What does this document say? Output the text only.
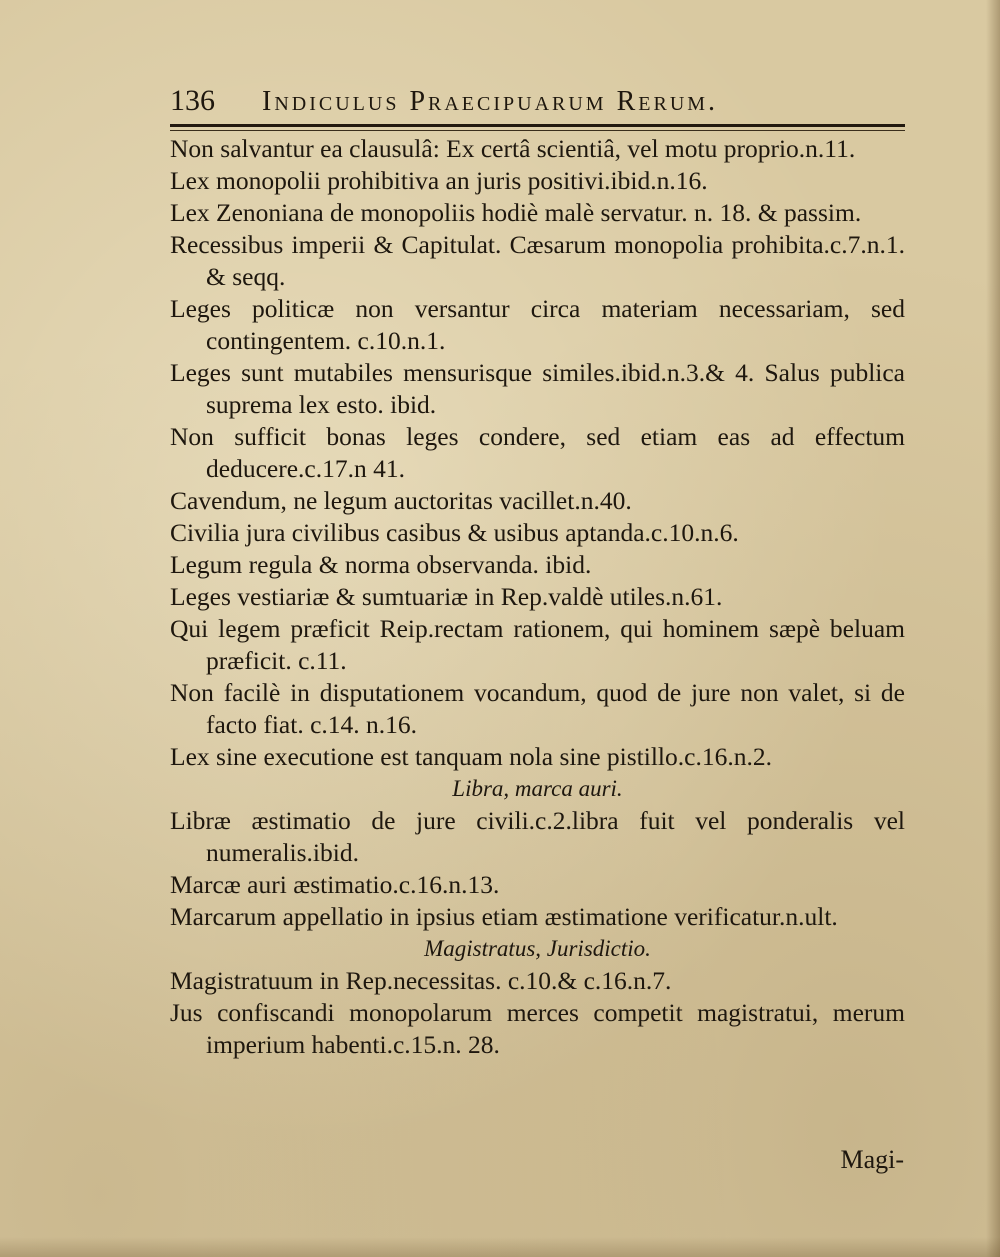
136 Indiculus Praecipuarum Rerum.

Non salvantur ea clausulâ: Ex certâ scientiâ, vel motu proprio.n.11.

Lex monopolii prohibitiva an juris positivi.ibid.n.16.

Lex Zenoniana de monopoliis hodiè malè servatur. n. 18. & passim.

Recessibus imperii & Capitulat. Cæsarum monopolia prohibita.c.7.n.1. & seqq.

Leges politicæ non versantur circa materiam necessariam, sed contingentem. c.10.n.1.

Leges sunt mutabiles mensurisque similes.ibid.n.3.& 4. Salus publica suprema lex esto. ibid.

Non sufficit bonas leges condere, sed etiam eas ad effectum deducere.c.17.n 41.

Cavendum, ne legum auctoritas vacillet.n.40.

Civilia jura civilibus casibus & usibus aptanda.c.10.n.6.

Legum regula & norma observanda. ibid.

Leges vestiariæ & sumtuariæ in Rep.valdè utiles.n.61.

Qui legem præficit Reip.rectam rationem, qui hominem sæpè beluam præficit. c.11.

Non facilè in disputationem vocandum, quod de jure non valet, si de facto fiat. c.14. n.16.

Lex sine executione est tanquam nola sine pistillo.c.16.n.2.

Libra, marca auri.

Libræ æstimatio de jure civili.c.2.libra fuit vel ponderalis vel numeralis.ibid.

Marcæ auri æstimatio.c.16.n.13.

Marcarum appellatio in ipsius etiam æstimatione verificatur.n.ult.

Magistratus, Jurisdictio.

Magistratuum in Rep.necessitas. c.10.& c.16.n.7.

Jus confiscandi monopolarum merces competit magistratui, merum imperium habenti.c.15.n. 28.

Magi-
